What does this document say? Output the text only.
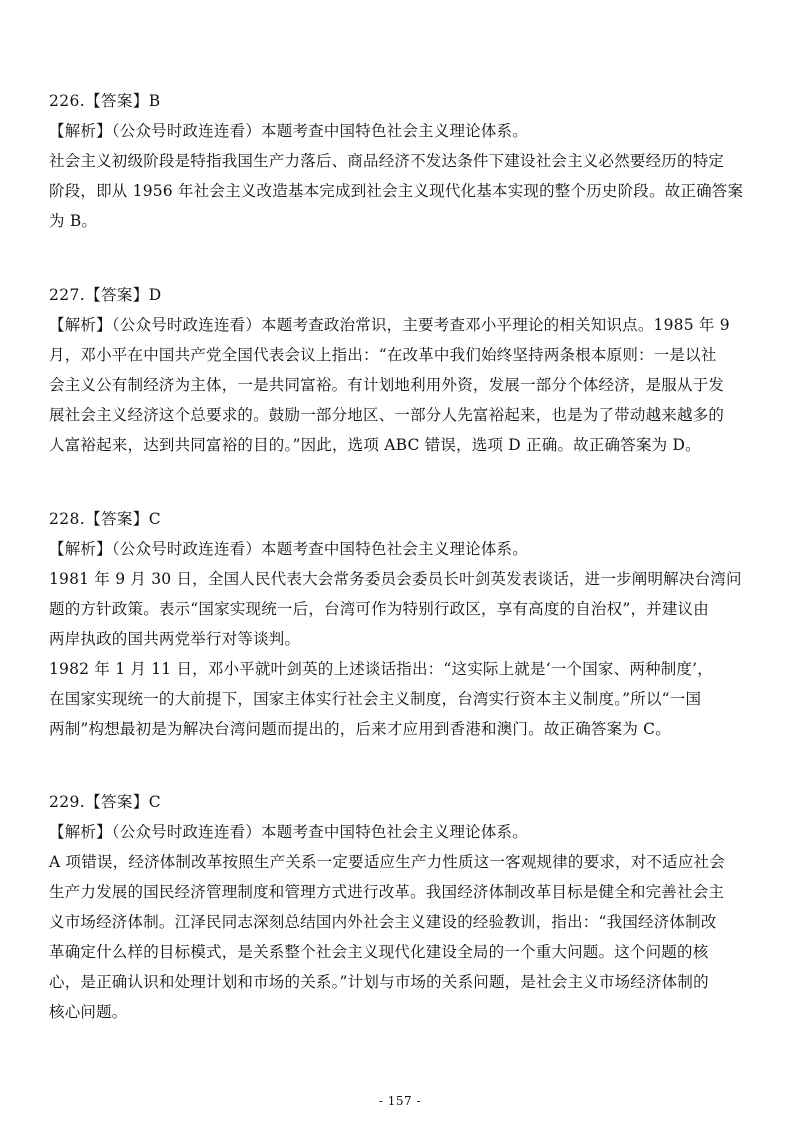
226.【答案】B
【解析】（公众号时政连连看）本题考查中国特色社会主义理论体系。
社会主义初级阶段是特指我国生产力落后、商品经济不发达条件下建设社会主义必然要经历的特定
阶段，即从 1956 年社会主义改造基本完成到社会主义现代化基本实现的整个历史阶段。故正确答案
为 B。
227.【答案】D
【解析】（公众号时政连连看）本题考查政治常识，主要考查邓小平理论的相关知识点。1985 年 9
月，邓小平在中国共产党全国代表会议上指出：“在改革中我们始终坚持两条根本原则：一是以社
会主义公有制经济为主体，一是共同富裕。有计划地利用外资，发展一部分个体经济，是服从于发
展社会主义经济这个总要求的。鼓励一部分地区、一部分人先富裕起来，也是为了带动越来越多的
人富裕起来，达到共同富裕的目的。”因此，选项 ABC 错误，选项 D 正确。故正确答案为 D。
228.【答案】C
【解析】（公众号时政连连看）本题考查中国特色社会主义理论体系。
1981 年 9 月 30 日，全国人民代表大会常务委员会委员长叶剑英发表谈话，进一步阐明解决台湾问
题的方针政策。表示“国家实现统一后，台湾可作为特别行政区，享有高度的自治权”，并建议由
两岸执政的国共两党举行对等谈判。
1982 年 1 月 11 日，邓小平就叶剑英的上述谈话指出：“这实际上就是‘一个国家、两种制度’，
在国家实现统一的大前提下，国家主体实行社会主义制度，台湾实行资本主义制度。”所以“一国
两制”构想最初是为解决台湾问题而提出的，后来才应用到香港和澳门。故正确答案为 C。
229.【答案】C
【解析】（公众号时政连连看）本题考查中国特色社会主义理论体系。
A 项错误，经济体制改革按照生产关系一定要适应生产力性质这一客观规律的要求，对不适应社会
生产力发展的国民经济管理制度和管理方式进行改革。我国经济体制改革目标是健全和完善社会主
义市场经济体制。江泽民同志深刻总结国内外社会主义建设的经验教训，指出：“我国经济体制改
革确定什么样的目标模式，是关系整个社会主义现代化建设全局的一个重大问题。这个问题的核
心，是正确认识和处理计划和市场的关系。”计划与市场的关系问题，是社会主义市场经济体制的
核心问题。
- 157 -
